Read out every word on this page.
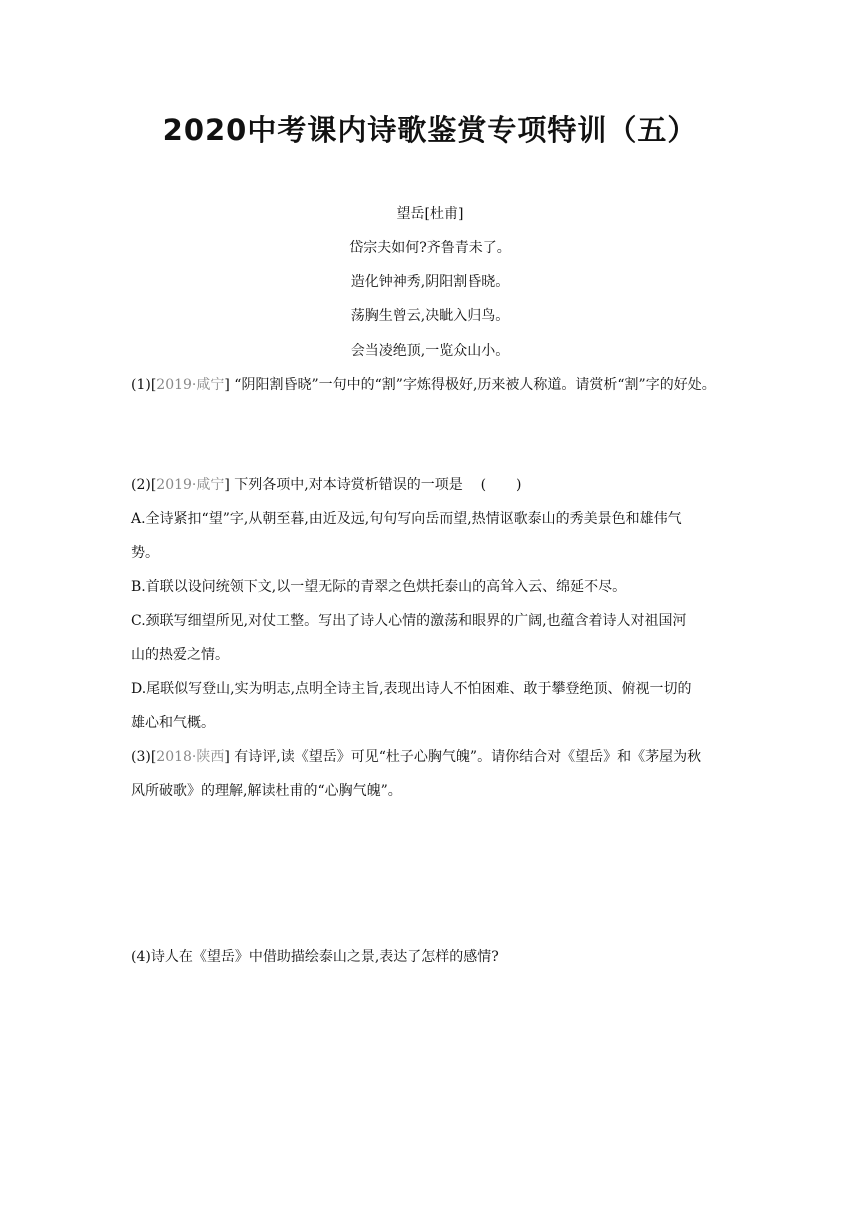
2020中考课内诗歌鉴赏专项特训（五）
望岳[杜甫]
岱宗夫如何?齐鲁青未了。
造化钟神秀,阴阳割昏晓。
荡胸生曾云,决眦入归鸟。
会当凌绝顶,一览众山小。
(1)[2019·咸宁] “阴阳割昏晓”一句中的“割”字炼得极好,历来被人称道。请赏析“割”字的好处。
(2)[2019·咸宁] 下列各项中,对本诗赏析错误的一项是 ( )
A.全诗紧扣“望”字,从朝至暮,由近及远,句句写向岳而望,热情讴歌泰山的秀美景色和雄伟气
势。
B.首联以设问统领下文,以一望无际的青翠之色烘托泰山的高耸入云、绵延不尽。
C.颈联写细望所见,对仗工整。写出了诗人心情的激荡和眼界的广阔,也蕴含着诗人对祖国河
山的热爱之情。
D.尾联似写登山,实为明志,点明全诗主旨,表现出诗人不怕困难、敢于攀登绝顶、俯视一切的
雄心和气概。
(3)[2018·陕西] 有诗评,读《望岳》可见“杜子心胸气魄”。请你结合对《望岳》和《茅屋为秋
风所破歌》的理解,解读杜甫的“心胸气魄”。
(4)诗人在《望岳》中借助描绘泰山之景,表达了怎样的感情?
